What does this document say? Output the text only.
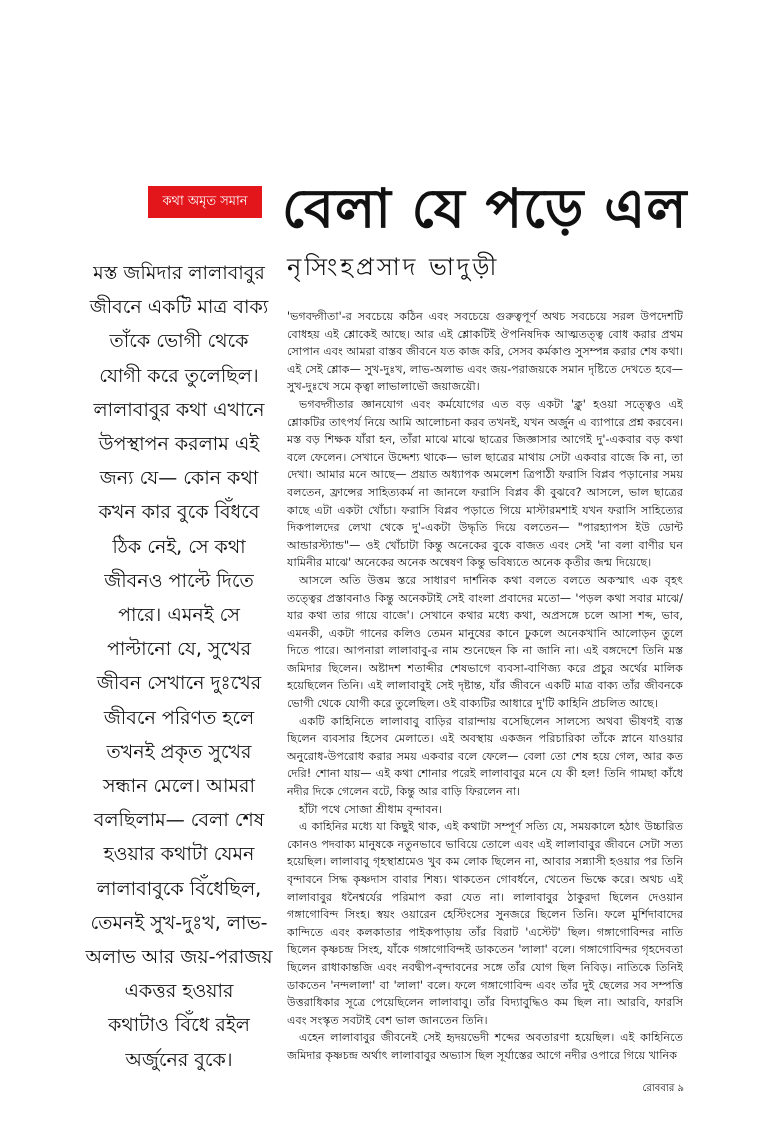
কথা অমৃত সমান বেলা যে পড়ে এল
নৃসিংহপ্রসাদ ভাদুড়ী
মস্ত জমিদার লালাবাবুর
জীবনে একটি মাত্র বাক্য
তাঁকে ভোগী থেকে
যোগী করে তুলেছিল।
লালাবাবুর কথা এখানে
উপস্থাপন করলাম এই
জন্য যে— কোন কথা
কখন কার বুকে বিঁধবে
ঠিক নেই, সে কথা
জীবনও পাল্টে দিতে
পারে। এমনই সে
পাল্টানো যে, সুখের
জীবন সেখানে দুঃখের
জীবনে পরিণত হলে
তখনই প্রকৃত সুখের
সন্ধান মেলে। আমরা
বলছিলাম— বেলা শেষ
হওয়ার কথাটা যেমন
লালাবাবুকে বিঁধেছিল,
তেমনই সুখ-দুঃখ, লাভ-
অলাভ আর জয়-পরাজয়
একত্তর হওয়ার
কথাটাও বিঁধে রইল
অর্জুনের বুকে।

'ভগবদ্গীতা'-র সবচেয়ে কঠিন এবং সবচেয়ে গুরুত্বপূর্ণ অথচ সবচেয়ে সরল উপদেশটি বোধহয় এই শ্লোকেই আছে। আর এই শ্লোকটিই ঔপনিষদিক আত্মতত্ত্ব বোধ করার প্রথম সোপান এবং আমরা বাস্তব জীবনে যত কাজ করি, সেসব কর্মকাণ্ড সুসম্পন্ন করার শেষ কথা। এই সেই শ্লোক— সুখ-দুঃখ, লাভ-অলাভ এবং জয়-পরাজয়কে সমান দৃষ্টিতে দেখতে হবে— সুখ-দুঃখে সমে কৃত্বা লাভালাভৌ জয়াজয়ৌ।

ভগবদ্গীতার জ্ঞানযোগ এবং কর্মযোগের এত বড় একটা 'ক্লু' হওয়া সত্ত্বেও এই শ্লোকটির তাৎপর্য নিয়ে আমি আলোচনা করব তখনই, যখন অর্জুন এ ব্যাপারে প্রশ্ন করবেন। মস্ত বড় শিক্ষক যাঁরা হন, তাঁরা মাঝে মাঝে ছাত্রের জিজ্ঞাসার আগেই দু'-একবার বড় কথা বলে ফেলেন। সেখানে উদ্দেশ্য থাকে— ভাল ছাত্রের মাথায় সেটা একবার বাজে কি না, তা দেখা। আমার মনে আছে— প্রয়াত অধ্যাপক অমলেশ ত্রিপাঠী ফরাসি বিপ্লব পড়ানোর সময় বলতেন, ফ্রান্সের সাহিত্যকর্ম না জানলে ফরাসি বিপ্লব কী বুঝবে? আসলে, ভাল ছাত্রের কাছে এটা একটা খোঁচা। ফরাসি বিপ্লব পড়াতে গিয়ে মাস্টারমশাই যখন ফরাসি সাহিত্যের দিকপালদের লেখা থেকে দু'-একটা উদ্ধৃতি দিয়ে বলতেন— "পারহ্যাপস ইউ ডোন্ট আন্ডারস্ট্যান্ড"— ওই খোঁচাটা কিন্তু অনেকের বুকে বাজত এবং সেই 'না বলা বাণীর ঘন যামিনীর মাঝে' অনেকের অনেক অন্বেষণ কিন্তু ভবিষ্যতে অনেক কৃতীর জন্ম দিয়েছে।

আসলে অতি উত্তম স্তরে সাধারণ দার্শনিক কথা বলতে বলতে অকস্মাৎ এক বৃহৎ তত্ত্বের প্রস্তাবনাও কিন্তু অনেকটাই সেই বাংলা প্রবাদের মতো— 'পড়ল কথা সবার মাঝে/ যার কথা তার গায়ে বাজে'। সেখানে কথার মধ্যে কথা, অপ্রসঙ্গে চলে আসা শব্দ, ভাব, এমনকী, একটা গানের কলিও তেমন মানুষের কানে ঢুকলে অনেকখানি আলোড়ন তুলে দিতে পারে। আপনারা লালাবাবু-র নাম শুনেছেন কি না জানি না। এই বঙ্গদেশে তিনি মস্ত জমিদার ছিলেন। অষ্টাদশ শতাব্দীর শেষভাগে ব্যবসা-বাণিজ্য করে প্রচুর অর্থের মালিক হয়েছিলেন তিনি। এই লালাবাবুই সেই দৃষ্টান্ত, যাঁর জীবনে একটি মাত্র বাক্য তাঁর জীবনকে ভোগী থেকে যোগী করে তুলেছিল। ওই বাক্যটির আধারে দু'টি কাহিনি প্রচলিত আছে।

একটি কাহিনিতে লালাবাবু বাড়ির বারান্দায় বসেছিলেন সালস্যে অথবা ভীষণই ব্যস্ত ছিলেন ব্যবসার হিসেব মেলাতে। এই অবস্থায় একজন পরিচারিকা তাঁকে স্নানে যাওয়ার অনুরোধ-উপরোধ করার সময় একবার বলে ফেলে— বেলা তো শেষ হয়ে গেল, আর কত দেরি! শোনা যায়— এই কথা শোনার পরেই লালাবাবুর মনে যে কী হল! তিনি গামছা কাঁধে নদীর দিকে গেলেন বটে, কিন্তু আর বাড়ি ফিরলেন না।

হাঁটা পথে সোজা শ্রীধাম বৃন্দাবন।

এ কাহিনির মধ্যে যা কিছুই থাক, এই কথাটা সম্পূর্ণ সত্যি যে, সময়কালে হঠাৎ উচ্চারিত কোনও পদবাক্য মানুষকে নতুনভাবে ভাবিয়ে তোলে এবং এই লালাবাবুর জীবনে সেটা সত্য হয়েছিল। লালাবাবু গৃহস্থাশ্রমেও খুব কম লোক ছিলেন না, আবার সন্ন্যাসী হওয়ার পর তিনি বৃন্দাবনে সিদ্ধ কৃষ্ণদাস বাবার শিষ্য। থাকতেন গোবর্ধনে, খেতেন ভিক্ষে করে। অথচ এই লালাবাবুর ধনৈশ্বর্যের পরিমাপ করা যেত না। লালাবাবুর ঠাকুরদা ছিলেন দেওয়ান গঙ্গাগোবিন্দ সিংহ। স্বয়ং ওয়ারেন হেস্টিংসের সুনজরে ছিলেন তিনি। ফলে মুর্শিদাবাদের কান্দিতে এবং কলকাতার পাইকপাড়ায় তাঁর বিরাট 'এস্টেট' ছিল। গঙ্গাগোবিন্দর নাতি ছিলেন কৃষ্ণচন্দ্র সিংহ, যাঁকে গঙ্গাগোবিন্দই ডাকতেন 'লালা' বলে। গঙ্গাগোবিন্দর গৃহদেবতা ছিলেন রাধাকান্তজি এবং নবদ্বীপ-বৃন্দাবনের সঙ্গে তাঁর যোগ ছিল নিবিড়। নাতিকে তিনিই ডাকতেন 'নন্দলালা' বা 'লালা' বলে। ফলে গঙ্গাগোবিন্দ এবং তাঁর দুই ছেলের সব সম্পত্তি উত্তরাধিকার সূত্রে পেয়েছিলেন লালাবাবু। তাঁর বিদ্যাবুদ্ধিও কম ছিল না। আরবি, ফারসি এবং সংস্কৃত সবটাই বেশ ভাল জানতেন তিনি।

এহেন লালাবাবুর জীবনেই সেই হৃদয়ভেদী শব্দের অবতারণা হয়েছিল। এই কাহিনিতে জমিদার কৃষ্ণচন্দ্র অর্থাৎ লালাবাবুর অভ্যাস ছিল সূর্যাস্তের আগে নদীর ওপারে গিয়ে খানিক

রোববার ৯
